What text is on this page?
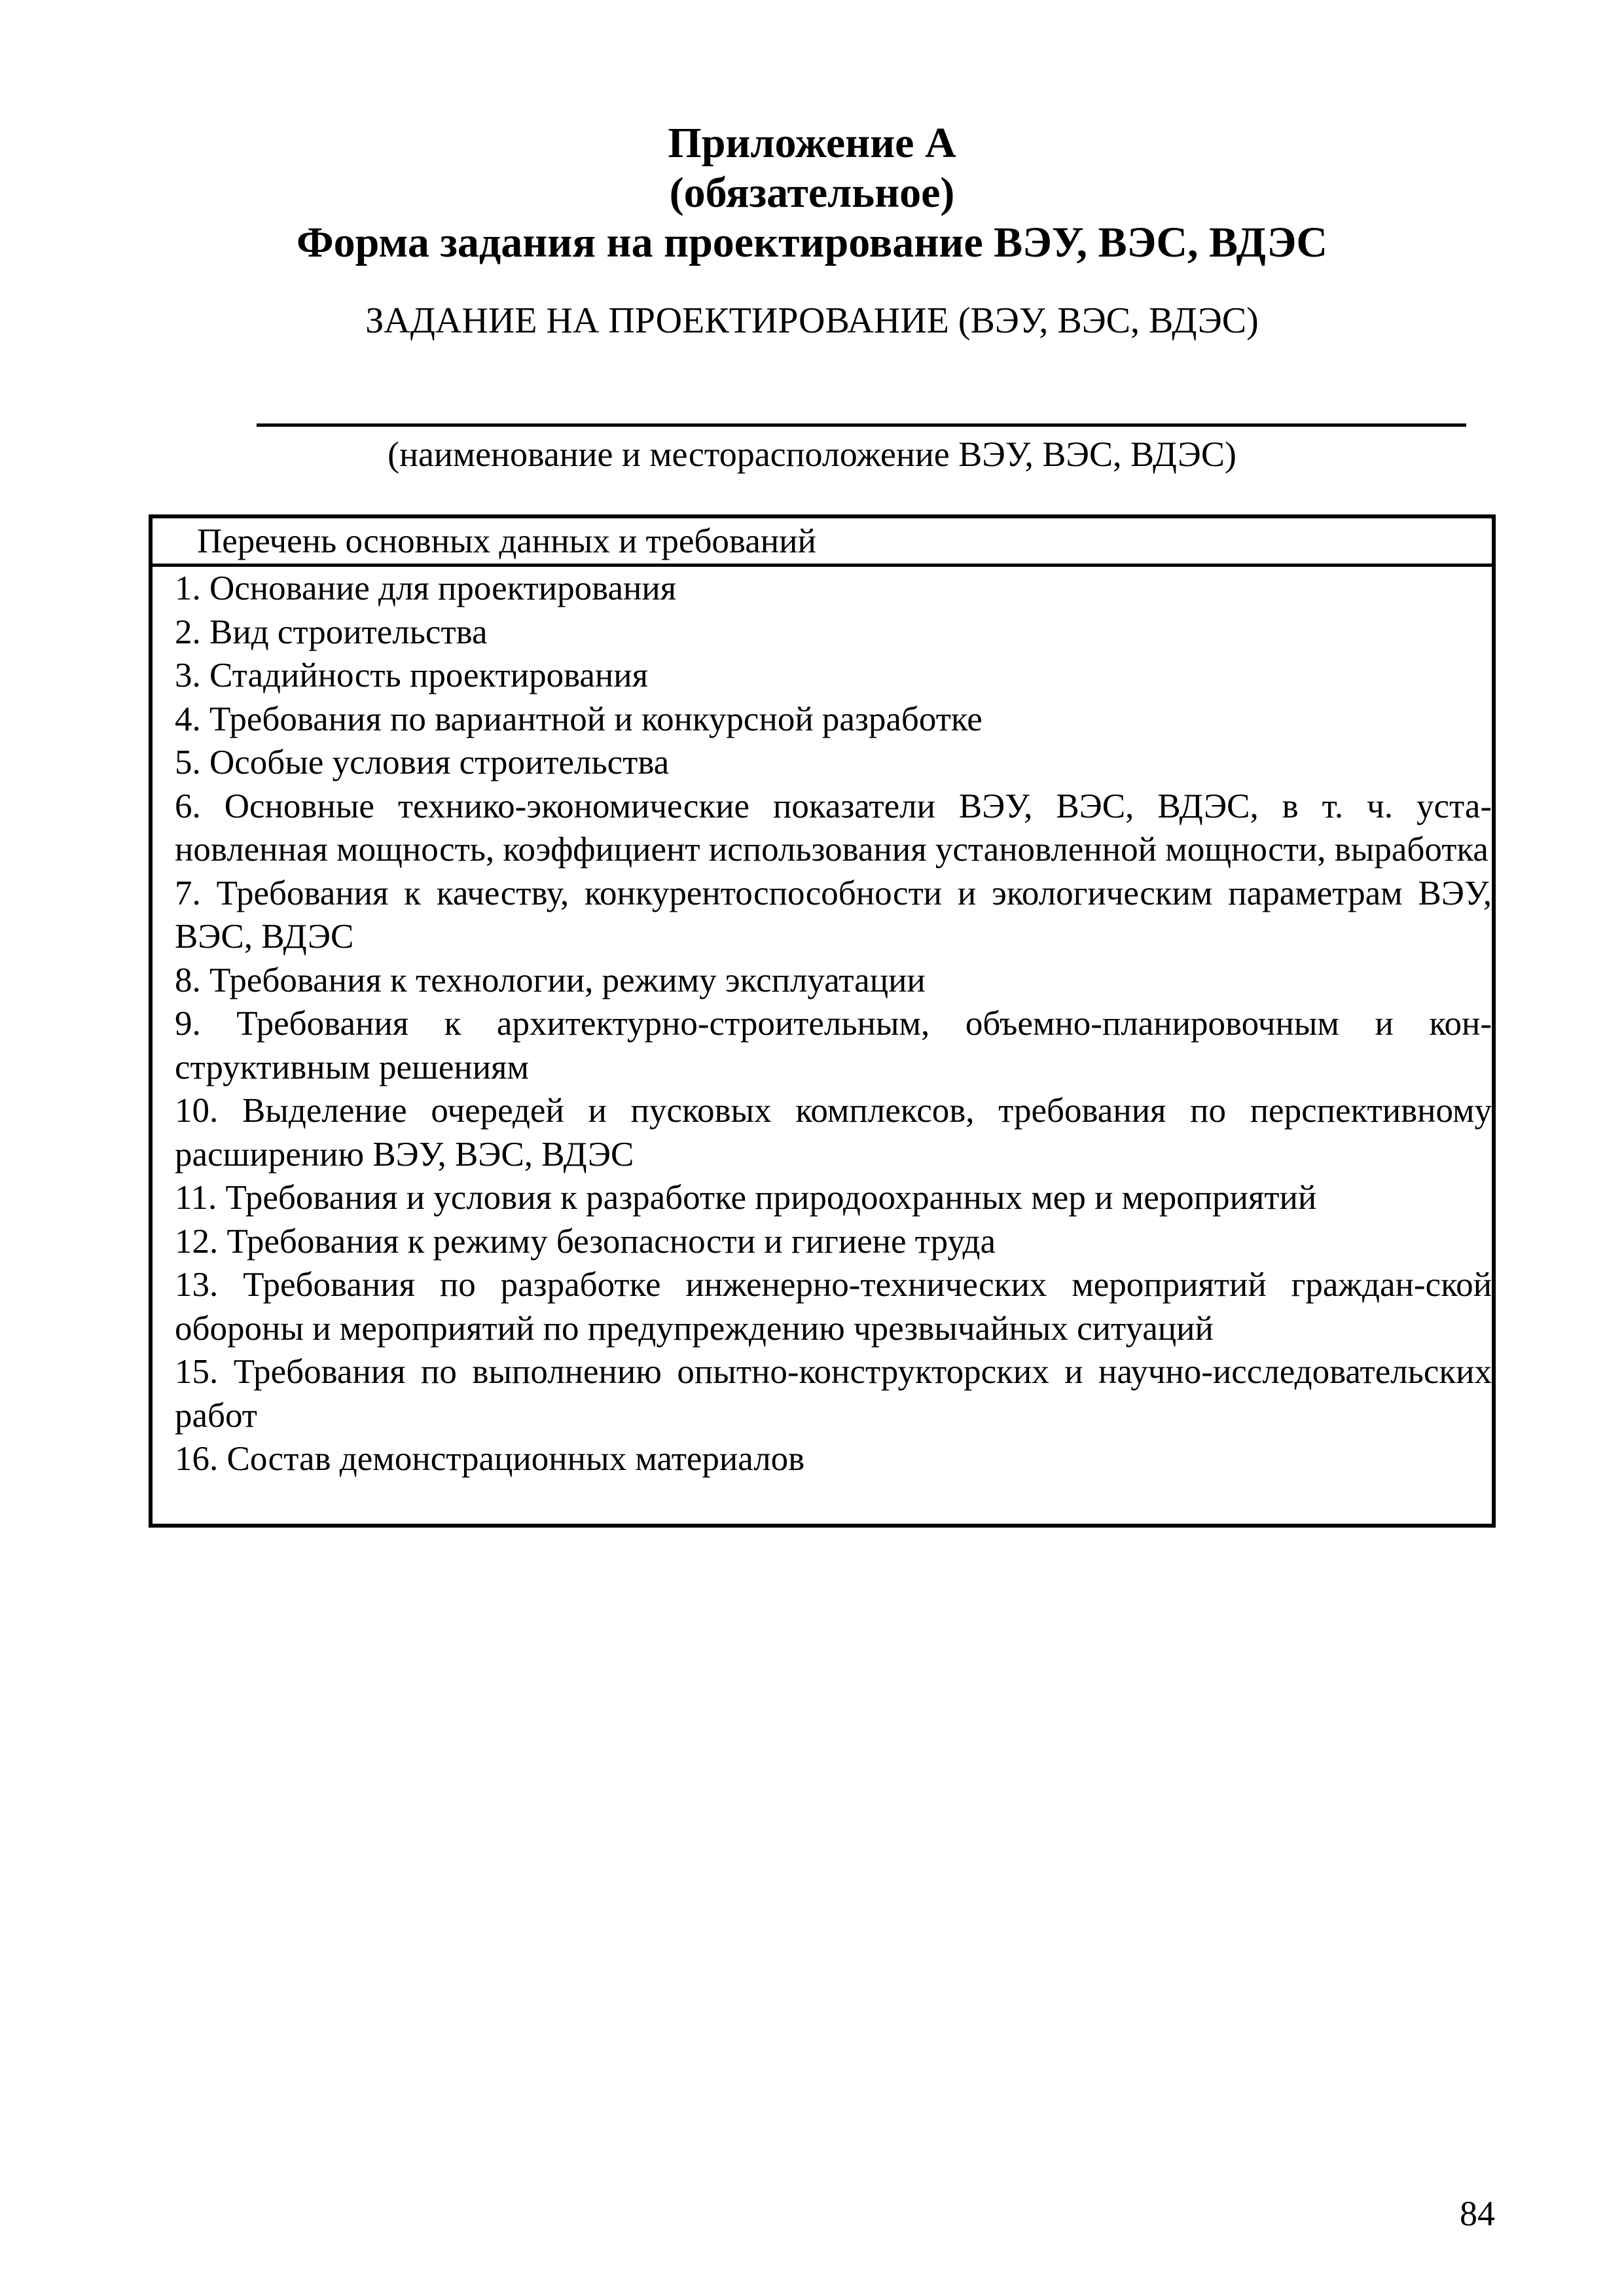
Приложение А
(обязательное)
Форма задания на проектирование ВЭУ, ВЭС, ВДЭС

ЗАДАНИЕ НА ПРОЕКТИРОВАНИЕ (ВЭУ, ВЭС, ВДЭС)

(наименование и месторасположение ВЭУ, ВЭС, ВДЭС)

Перечень основных данных и требований
1. Основание для проектирования
2. Вид строительства
3. Стадийность проектирования
4. Требования по вариантной и конкурсной разработке
5. Особые условия строительства
6. Основные технико-экономические показатели ВЭУ, ВЭС, ВДЭС, в т. ч. уста-новленная мощность, коэффициент использования установленной мощности, выработка
7. Требования к качеству, конкурентоспособности и экологическим параметрам ВЭУ, ВЭС, ВДЭС
8. Требования к технологии, режиму эксплуатации
9. Требования к архитектурно-строительным, объемно-планировочным и кон-структивным решениям
10. Выделение очередей и пусковых комплексов, требования по перспективному расширению ВЭУ, ВЭС, ВДЭС
11. Требования и условия к разработке природоохранных мер и мероприятий
12. Требования к режиму безопасности и гигиене труда
13. Требования по разработке инженерно-технических мероприятий граждан-ской обороны и мероприятий по предупреждению чрезвычайных ситуаций
15. Требования по выполнению опытно-конструкторских и научно-исследовательских работ
16. Состав демонстрационных материалов

84
